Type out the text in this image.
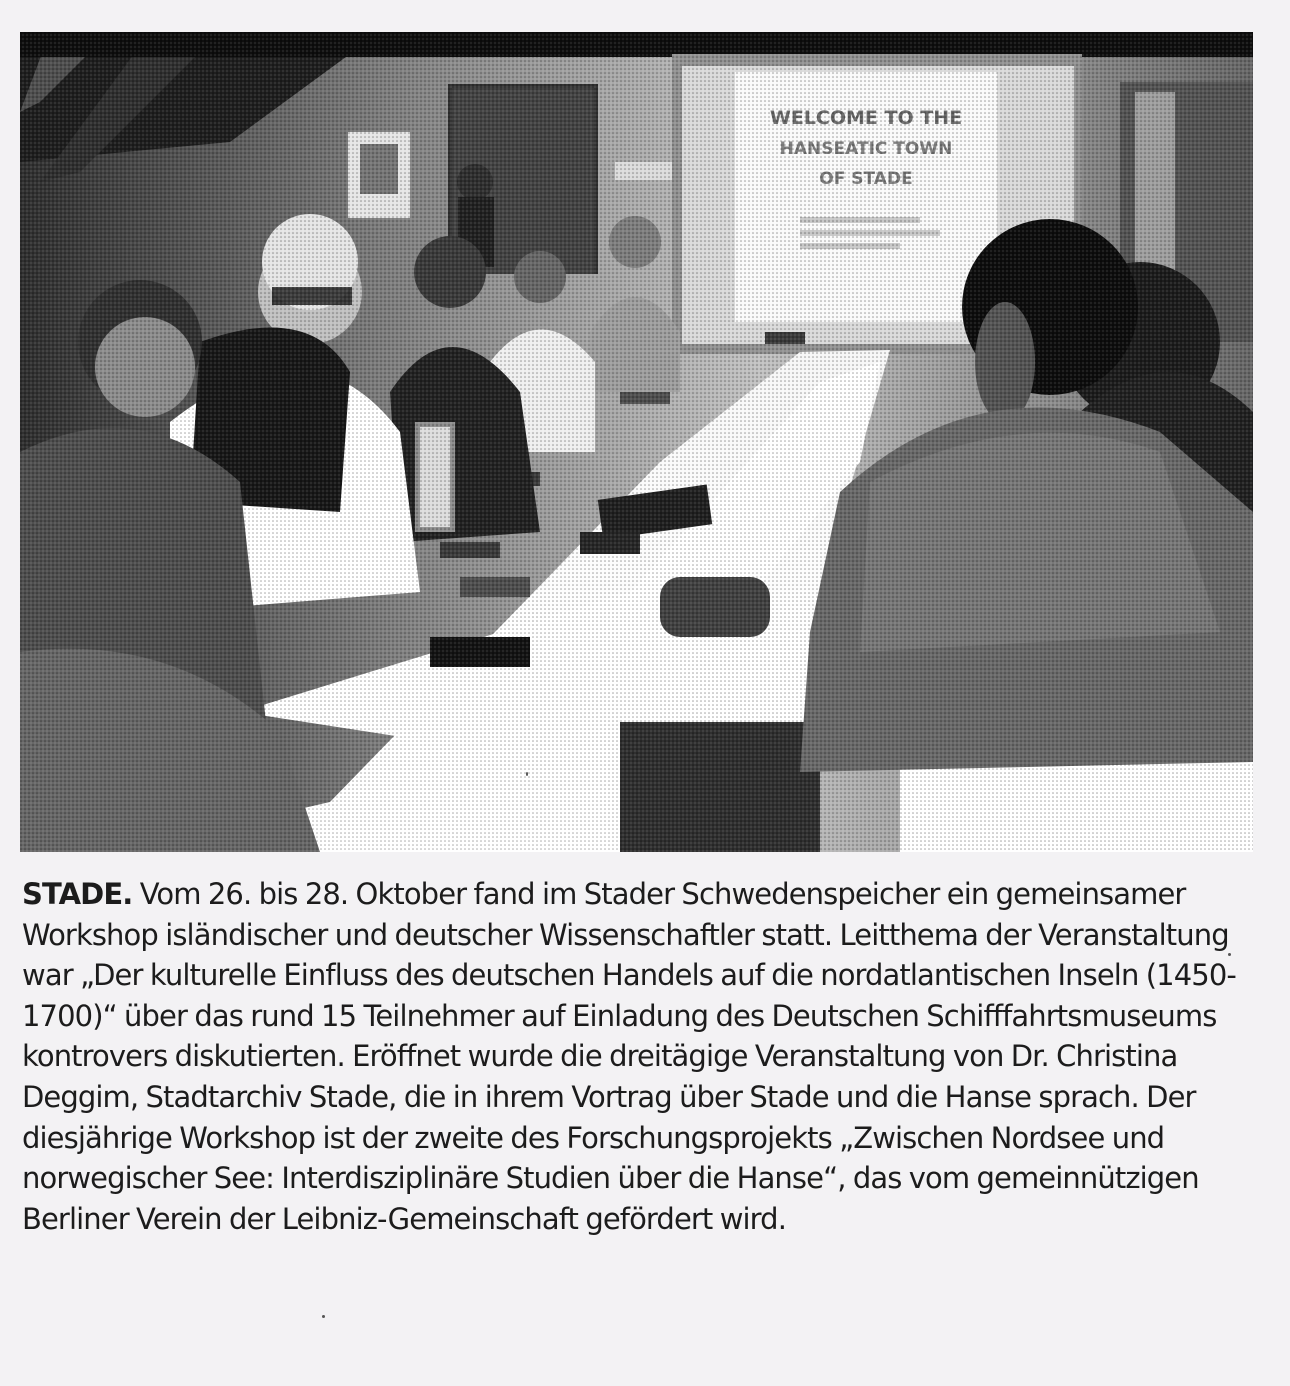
STADE. Vom 26. bis 28. Oktober fand im Stader Schwedenspeicher ein gemeinsamer Workshop isländischer und deutscher Wissenschaftler statt. Leitthema der Veranstaltung war „Der kulturelle Einfluss des deutschen Handels auf die nordatlantischen Inseln (1450-1700)“ über das rund 15 Teilnehmer auf Einladung des Deutschen Schifffahrtsmuseums kontrovers diskutierten. Eröffnet wurde die dreitägige Veranstaltung von Dr. Christina Deggim, Stadtarchiv Stade, die in ihrem Vortrag über Stade und die Hanse sprach. Der diesjährige Workshop ist der zweite des Forschungsprojekts „Zwischen Nordsee und norwegischer See: Interdisziplinäre Studien über die Hanse“, das vom gemeinnützigen Berliner Verein der Leibniz-Gemeinschaft gefördert wird.
